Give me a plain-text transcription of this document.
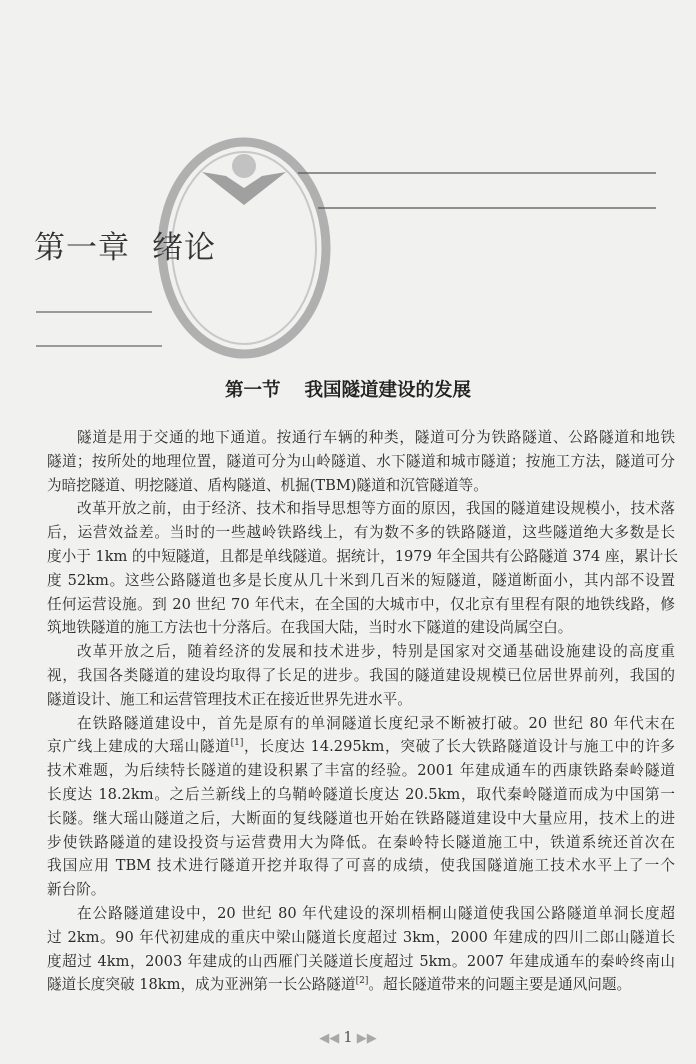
第一章 绪论
第一节 我国隧道建设的发展
隧道是用于交通的地下通道。按通行车辆的种类，隧道可分为铁路隧道、公路隧道和地铁
隧道；按所处的地理位置，隧道可分为山岭隧道、水下隧道和城市隧道；按施工方法，隧道可分
为暗挖隧道、明挖隧道、盾构隧道、机掘(TBM)隧道和沉管隧道等。
改革开放之前，由于经济、技术和指导思想等方面的原因，我国的隧道建设规模小，技术落
后，运营效益差。当时的一些越岭铁路线上，有为数不多的铁路隧道，这些隧道绝大多数是长
度小于 1km 的中短隧道，且都是单线隧道。据统计，1979 年全国共有公路隧道 374 座，累计长
度 52km。这些公路隧道也多是长度从几十米到几百米的短隧道，隧道断面小，其内部不设置
任何运营设施。到 20 世纪 70 年代末，在全国的大城市中，仅北京有里程有限的地铁线路，修
筑地铁隧道的施工方法也十分落后。在我国大陆，当时水下隧道的建设尚属空白。
改革开放之后，随着经济的发展和技术进步，特别是国家对交通基础设施建设的高度重
视，我国各类隧道的建设均取得了长足的进步。我国的隧道建设规模已位居世界前列，我国的
隧道设计、施工和运营管理技术正在接近世界先进水平。
在铁路隧道建设中，首先是原有的单洞隧道长度纪录不断被打破。20 世纪 80 年代末在
京广线上建成的大瑶山隧道[1]，长度达 14.295km，突破了长大铁路隧道设计与施工中的许多
技术难题，为后续特长隧道的建设积累了丰富的经验。2001 年建成通车的西康铁路秦岭隧道
长度达 18.2km。之后兰新线上的乌鞘岭隧道长度达 20.5km，取代秦岭隧道而成为中国第一
长隧。继大瑶山隧道之后，大断面的复线隧道也开始在铁路隧道建设中大量应用，技术上的进
步使铁路隧道的建设投资与运营费用大为降低。在秦岭特长隧道施工中，铁道系统还首次在
我国应用 TBM 技术进行隧道开挖并取得了可喜的成绩，使我国隧道施工技术水平上了一个
新台阶。
在公路隧道建设中，20 世纪 80 年代建设的深圳梧桐山隧道使我国公路隧道单洞长度超
过 2km。90 年代初建成的重庆中梁山隧道长度超过 3km，2000 年建成的四川二郎山隧道长
度超过 4km，2003 年建成的山西雁门关隧道长度超过 5km。2007 年建成通车的秦岭终南山
隧道长度突破 18km，成为亚洲第一长公路隧道[2]。超长隧道带来的问题主要是通风问题。
◀◀ 1 ▶▶
